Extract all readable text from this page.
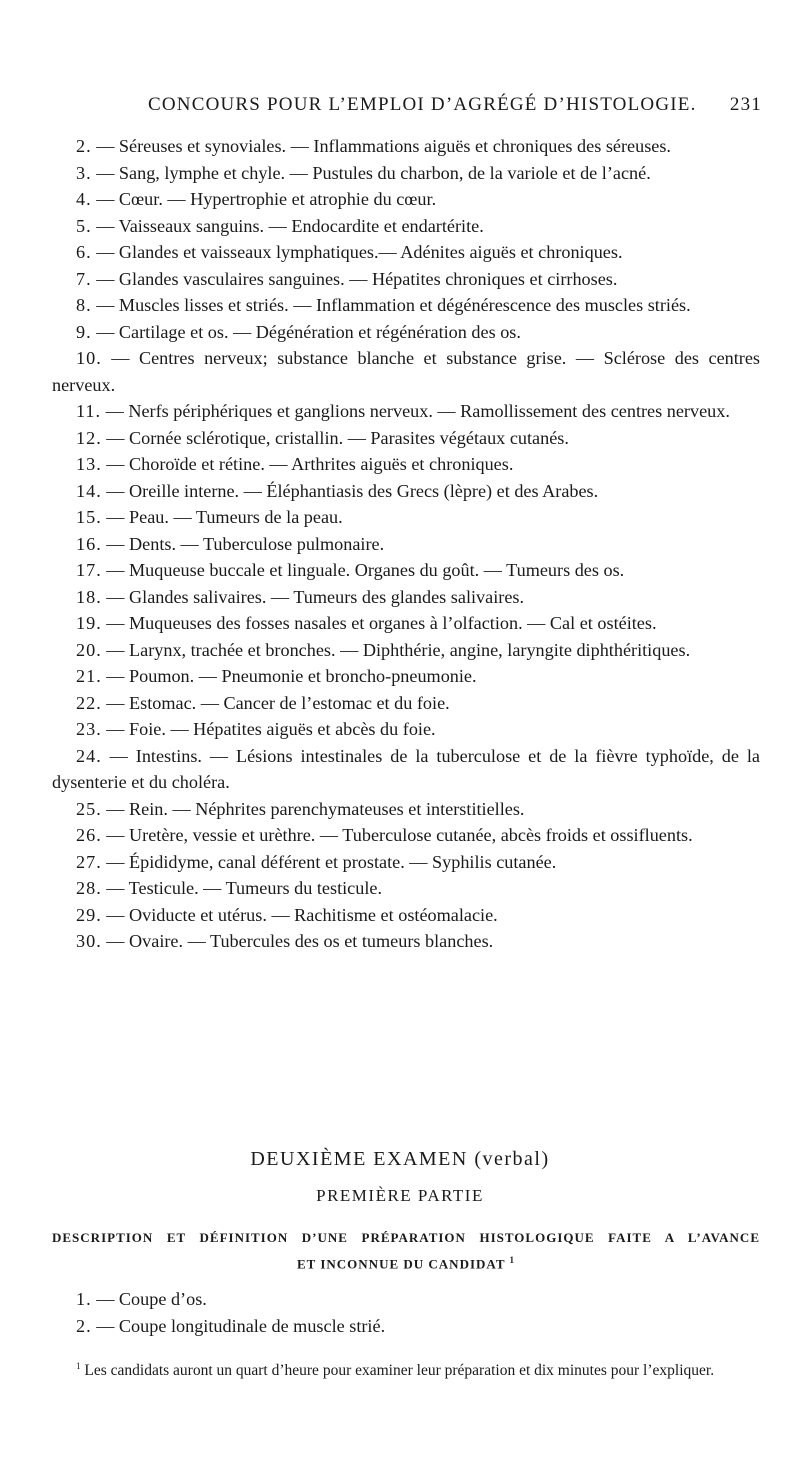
CONCOURS POUR L’EMPLOI D’AGRÉGÉ D’HISTOLOGIE. 231

2. — Séreuses et synoviales. — Inflammations aiguës et chroniques des séreuses.

3. — Sang, lymphe et chyle. — Pustules du charbon, de la variole et de l’acné.

4. — Cœur. — Hypertrophie et atrophie du cœur.

5. — Vaisseaux sanguins. — Endocardite et endartérite.

6. — Glandes et vaisseaux lymphatiques.— Adénites aiguës et chroniques.

7. — Glandes vasculaires sanguines. — Hépatites chroniques et cirrhoses.

8. — Muscles lisses et striés. — Inflammation et dégénérescence des muscles striés.

9. — Cartilage et os. — Dégénération et régénération des os.

10. — Centres nerveux; substance blanche et substance grise. — Sclérose des centres nerveux.

11. — Nerfs périphériques et ganglions nerveux. — Ramollissement des centres nerveux.

12. — Cornée sclérotique, cristallin. — Parasites végétaux cutanés.

13. — Choroïde et rétine. — Arthrites aiguës et chroniques.

14. — Oreille interne. — Éléphantiasis des Grecs (lèpre) et des Arabes.

15. — Peau. — Tumeurs de la peau.

16. — Dents. — Tuberculose pulmonaire.

17. — Muqueuse buccale et linguale. Organes du goût. — Tumeurs des os.

18. — Glandes salivaires. — Tumeurs des glandes salivaires.

19. — Muqueuses des fosses nasales et organes à l’olfaction. — Cal et ostéites.

20. — Larynx, trachée et bronches. — Diphthérie, angine, laryngite diphthéritiques.

21. — Poumon. — Pneumonie et broncho-pneumonie.

22. — Estomac. — Cancer de l’estomac et du foie.

23. — Foie. — Hépatites aiguës et abcès du foie.

24. — Intestins. — Lésions intestinales de la tuberculose et de la fièvre typhoïde, de la dysenterie et du choléra.

25. — Rein. — Néphrites parenchymateuses et interstitielles.

26. — Uretère, vessie et urèthre. — Tuberculose cutanée, abcès froids et ossifluents.

27. — Épididyme, canal déférent et prostate. — Syphilis cutanée.

28. — Testicule. — Tumeurs du testicule.

29. — Oviducte et utérus. — Rachitisme et ostéomalacie.

30. — Ovaire. — Tubercules des os et tumeurs blanches.

DEUXIÈME EXAMEN (verbal)
PREMIÈRE PARTIE
DESCRIPTION ET DÉFINITION D’UNE PRÉPARATION HISTOLOGIQUE FAITE A L’AVANCE
ET INCONNUE DU CANDIDAT $^1$

1. — Coupe d’os.

2. — Coupe longitudinale de muscle strié.

$^1$ Les candidats auront un quart d’heure pour examiner leur préparation et dix minutes pour l’expliquer.
